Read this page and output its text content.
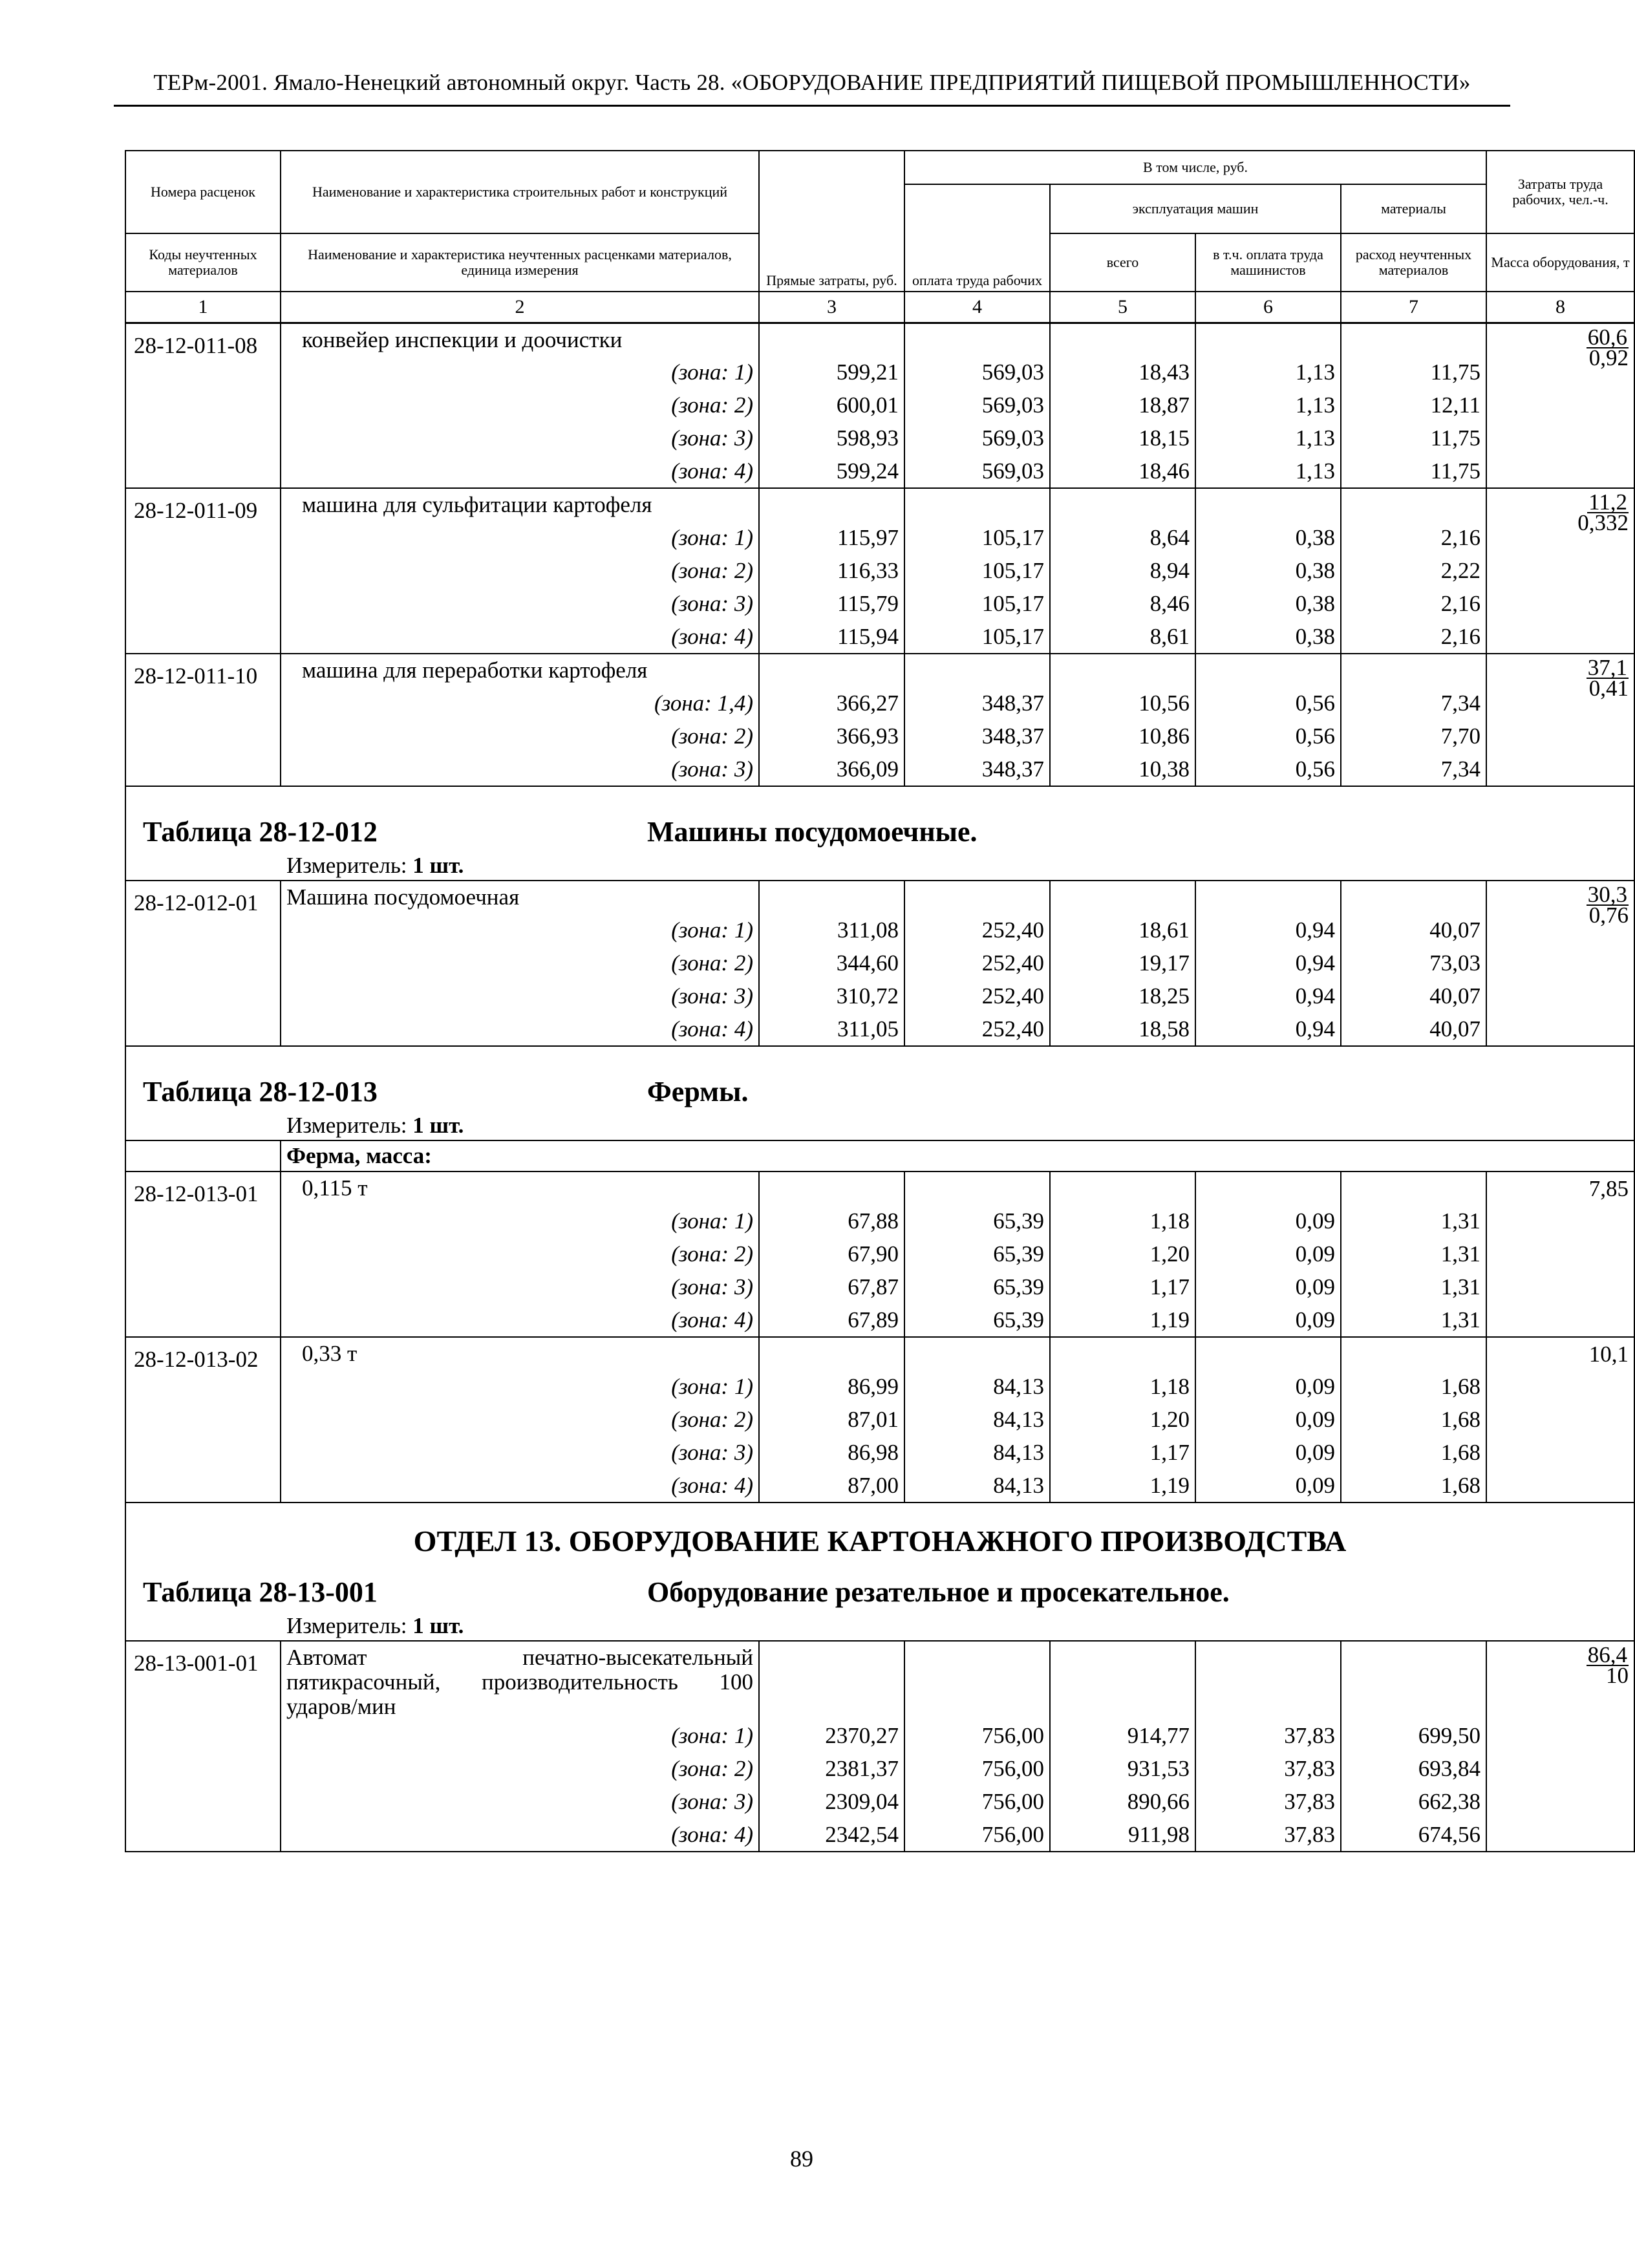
ТЕРм-2001. Ямало-Ненецкий автономный округ. Часть 28. «ОБОРУДОВАНИЕ ПРЕДПРИЯТИЙ ПИЩЕВОЙ ПРОМЫШЛЕННОСТИ»
Номера расценок	Наименование и характеристика строительных работ и конструкций	Прямые затраты, руб.	В том числе, руб.				Затраты труда рабочих, чел.-ч.
			оплата труда рабочих	эксплуатация машин		материалы	
Коды неучтенных материалов	Наименование и характеристика неучтенных расценками материалов, единица измерения			всего	в т.ч. оплата труда машинистов	расход неучтенных материалов	Масса оборудования, т
1	2	3	4	5	6	7	8
28-12-011-08	конвейер инспекции и доочистки						60,6
0,92

	(зона: 1)	599,21	569,03	18,43	1,13	11,75	
	(зона: 2)	600,01	569,03	18,87	1,13	12,11	
	(зона: 3)	598,93	569,03	18,15	1,13	11,75	
	(зона: 4)	599,24	569,03	18,46	1,13	11,75	
28-12-011-09	машина для сульфитации картофеля						11,2
0,332

	(зона: 1)	115,97	105,17	8,64	0,38	2,16	
	(зона: 2)	116,33	105,17	8,94	0,38	2,22	
	(зона: 3)	115,79	105,17	8,46	0,38	2,16	
	(зона: 4)	115,94	105,17	8,61	0,38	2,16	
28-12-011-10	машина для переработки картофеля						37,1
0,41

	(зона: 1,4)	366,27	348,37	10,56	0,56	7,34	
	(зона: 2)	366,93	348,37	10,86	0,56	7,70	
	(зона: 3)	366,09	348,37	10,38	0,56	7,34	

Таблица 28-12-012 Машины посудомоечные.
Измеритель: 1 шт.							

28-12-012-01	Машина посудомоечная						30,3
0,76

	(зона: 1)	311,08	252,40	18,61	0,94	40,07	
	(зона: 2)	344,60	252,40	19,17	0,94	73,03	
	(зона: 3)	310,72	252,40	18,25	0,94	40,07	
	(зона: 4)	311,05	252,40	18,58	0,94	40,07	

Таблица 28-12-013 Фермы.
Измеритель: 1 шт.							

	Ферма, масса:						
28-12-013-01	0,115 т						7,85

	(зона: 1)	67,88	65,39	1,18	0,09	1,31	
	(зона: 2)	67,90	65,39	1,20	0,09	1,31	
	(зона: 3)	67,87	65,39	1,17	0,09	1,31	
	(зона: 4)	67,89	65,39	1,19	0,09	1,31	
28-12-013-02	0,33 т						10,1

	(зона: 1)	86,99	84,13	1,18	0,09	1,68	
	(зона: 2)	87,01	84,13	1,20	0,09	1,68	
	(зона: 3)	86,98	84,13	1,17	0,09	1,68	
	(зона: 4)	87,00	84,13	1,19	0,09	1,68	

ОТДЕЛ 13. ОБОРУДОВАНИЕ КАРТОНАЖНОГО ПРОИЗВОДСТВА
Таблица 28-13-001 Оборудование резательное и просекательное.
Измеритель: 1 шт.							

28-13-001-01	Автомат печатно-высекательный пятикрасочный, производительность 100 ударов/мин						86,4
10

	(зона: 1)	2370,27	756,00	914,77	37,83	699,50	
	(зона: 2)	2381,37	756,00	931,53	37,83	693,84	
	(зона: 3)	2309,04	756,00	890,66	37,83	662,38	
	(зона: 4)	2342,54	756,00	911,98	37,83	674,56	
89
